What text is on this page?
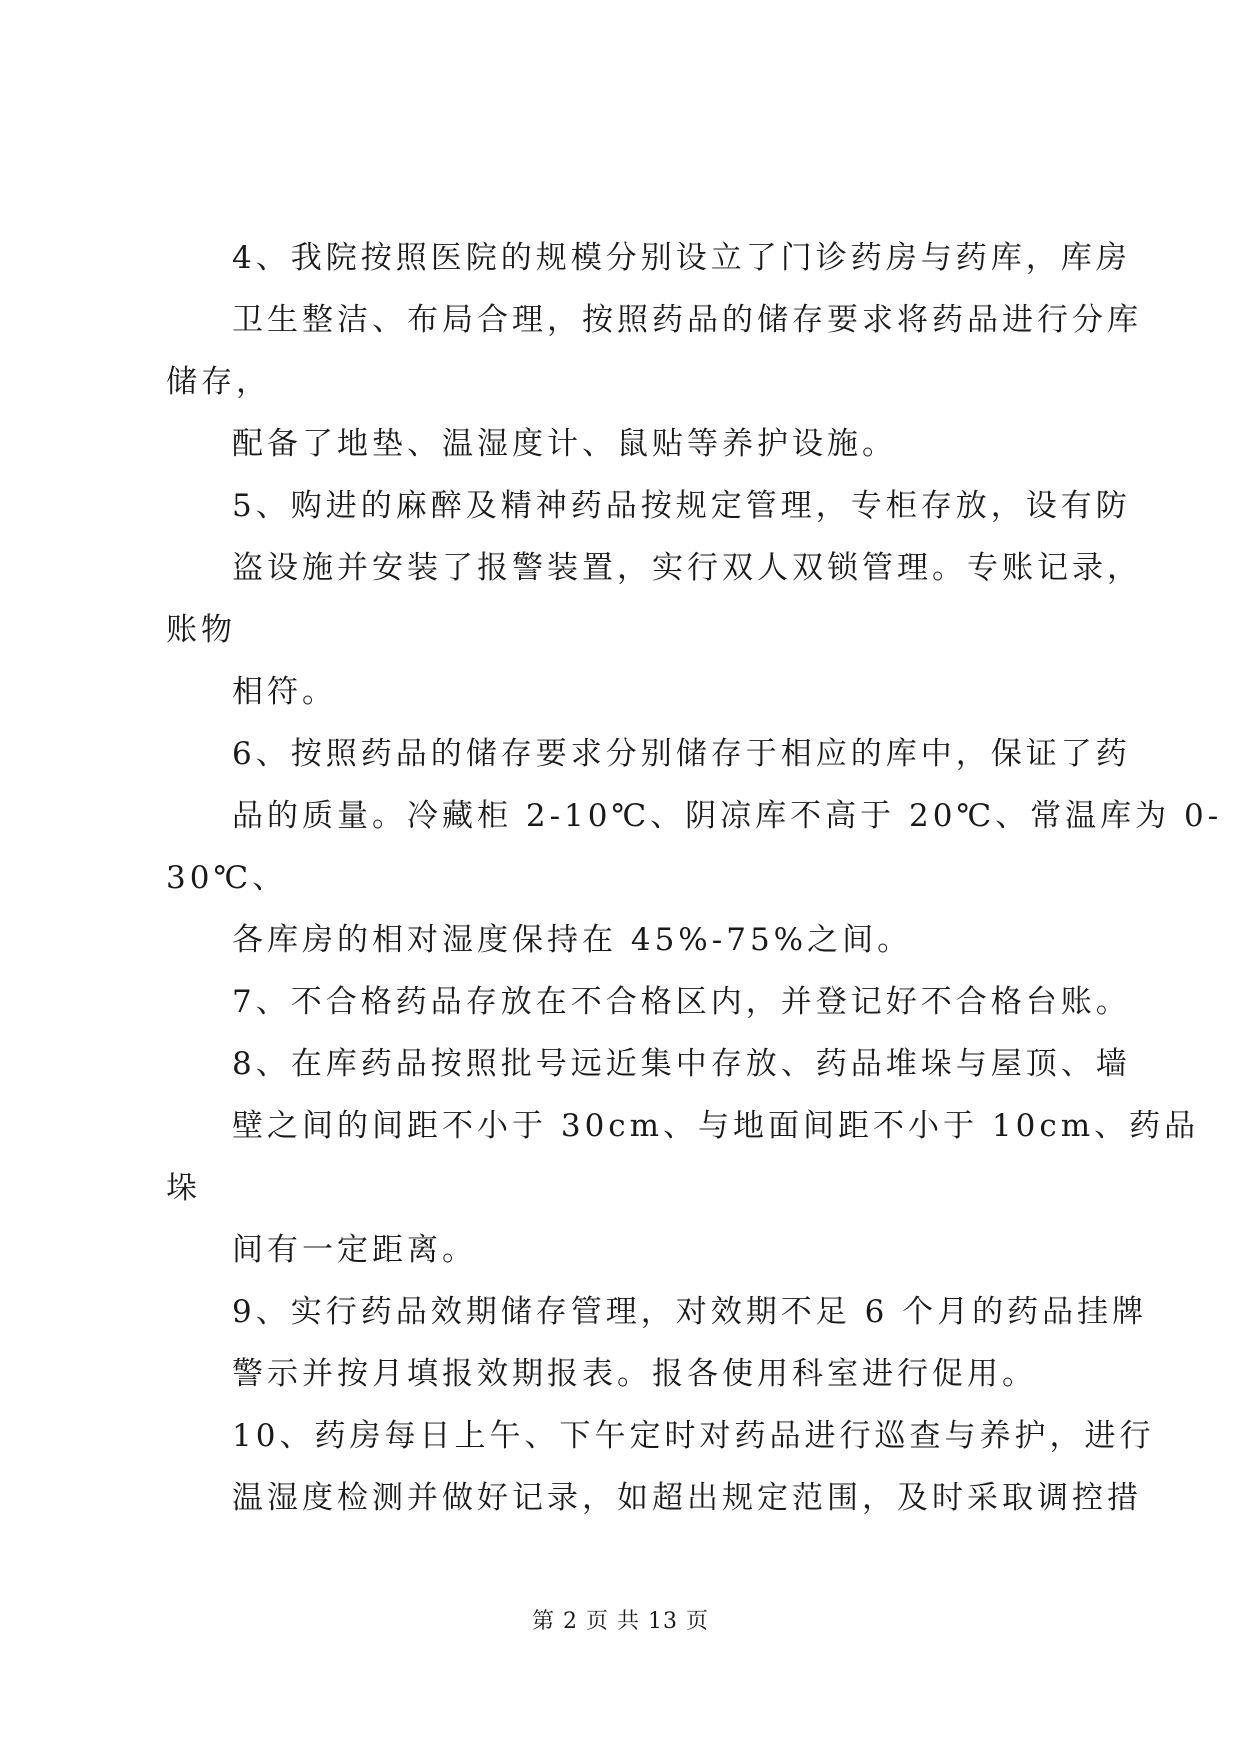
4、我院按照医院的规模分别设立了门诊药房与药库，库房
卫生整洁、布局合理，按照药品的储存要求将药品进行分库
储存，
配备了地垫、温湿度计、鼠贴等养护设施。
5、购进的麻醉及精神药品按规定管理，专柜存放，设有防
盗设施并安装了报警装置，实行双人双锁管理。专账记录，
账物
相符。
6、按照药品的储存要求分别储存于相应的库中，保证了药
品的质量。冷藏柜 2-10℃、阴凉库不高于 20℃、常温库为 0-
30℃、
各库房的相对湿度保持在 45%-75%之间。
7、不合格药品存放在不合格区内，并登记好不合格台账。
8、在库药品按照批号远近集中存放、药品堆垛与屋顶、墙
壁之间的间距不小于 30cm、与地面间距不小于 10cm、药品
垛
间有一定距离。
9、实行药品效期储存管理，对效期不足 6 个月的药品挂牌
警示并按月填报效期报表。报各使用科室进行促用。
10、药房每日上午、下午定时对药品进行巡查与养护，进行
温湿度检测并做好记录，如超出规定范围，及时采取调控措
第 2 页 共 13 页
